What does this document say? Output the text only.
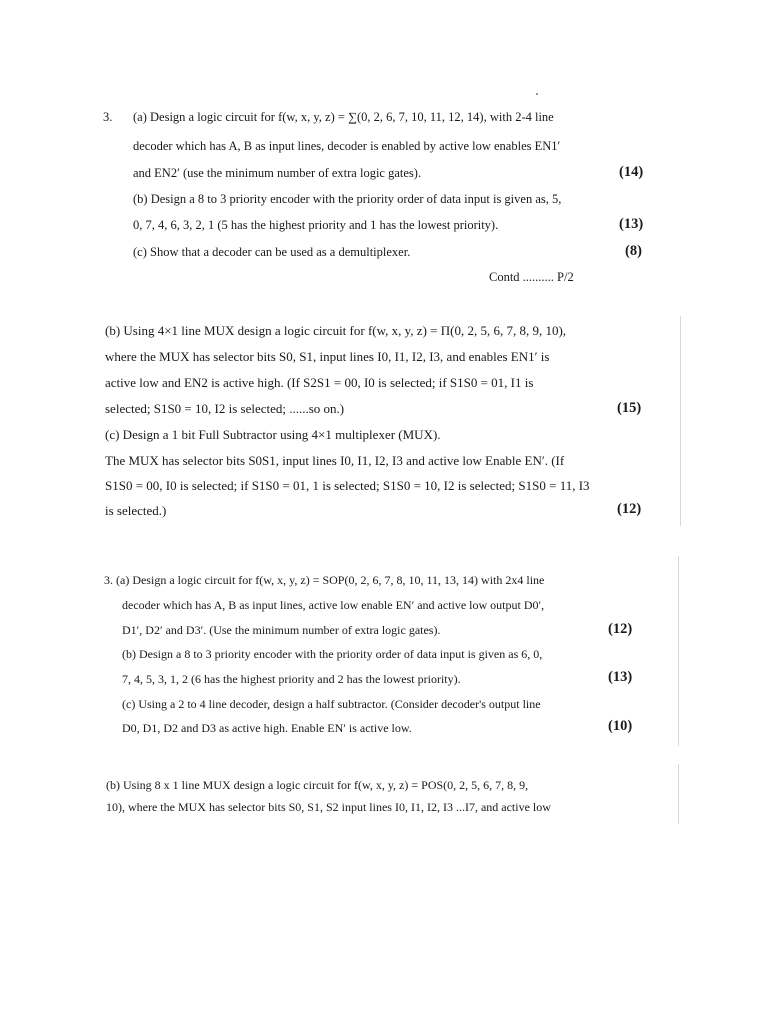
3. (a) Design a logic circuit for f(w, x, y, z) = ∑(0, 2, 6, 7, 10, 11, 12, 14), with 2-4 line
decoder which has A, B as input lines, decoder is enabled by active low enables EN1′
and EN2′ (use the minimum number of extra logic gates).
(b) Design a 8 to 3 priority encoder with the priority order of data input is given as, 5,
0, 7, 4, 6, 3, 2, 1 (5 has the highest priority and 1 has the lowest priority).
(c) Show that a decoder can be used as a demultiplexer.
Contd .......... P/2
(14)
(13)
(8)
(b) Using 4×1 line MUX design a logic circuit for f(w, x, y, z) = Π(0, 2, 5, 6, 7, 8, 9, 10),
where the MUX has selector bits S0, S1, input lines I0, I1, I2, I3, and enables EN1′ is
active low and EN2 is active high. (If S2S1 = 00, I0 is selected; if S1S0 = 01, I1 is
selected; S1S0 = 10, I2 is selected; ......so on.)
(c) Design a 1 bit Full Subtractor using 4×1 multiplexer (MUX).
The MUX has selector bits S0S1, input lines I0, I1, I2, I3 and active low Enable EN′. (If
S1S0 = 00, I0 is selected; if S1S0 = 01, 1 is selected; S1S0 = 10, I2 is selected; S1S0 = 11, I3
is selected.)
(15)
(12)
3. (a) Design a logic circuit for f(w, x, y, z) = SOP(0, 2, 6, 7, 8, 10, 11, 13, 14) with 2x4 line
decoder which has A, B as input lines, active low enable EN′ and active low output D0′,
D1′, D2′ and D3′. (Use the minimum number of extra logic gates).
(b) Design a 8 to 3 priority encoder with the priority order of data input is given as 6, 0,
7, 4, 5, 3, 1, 2 (6 has the highest priority and 2 has the lowest priority).
(c) Using a 2 to 4 line decoder, design a half subtractor. (Consider decoder's output line
D0, D1, D2 and D3 as active high. Enable EN′ is active low.
(12)
(13)
(10)
(b) Using 8 x 1 line MUX design a logic circuit for f(w, x, y, z) = POS(0, 2, 5, 6, 7, 8, 9,
10), where the MUX has selector bits S0, S1, S2 input lines I0, I1, I2, I3 ...I7, and active low
